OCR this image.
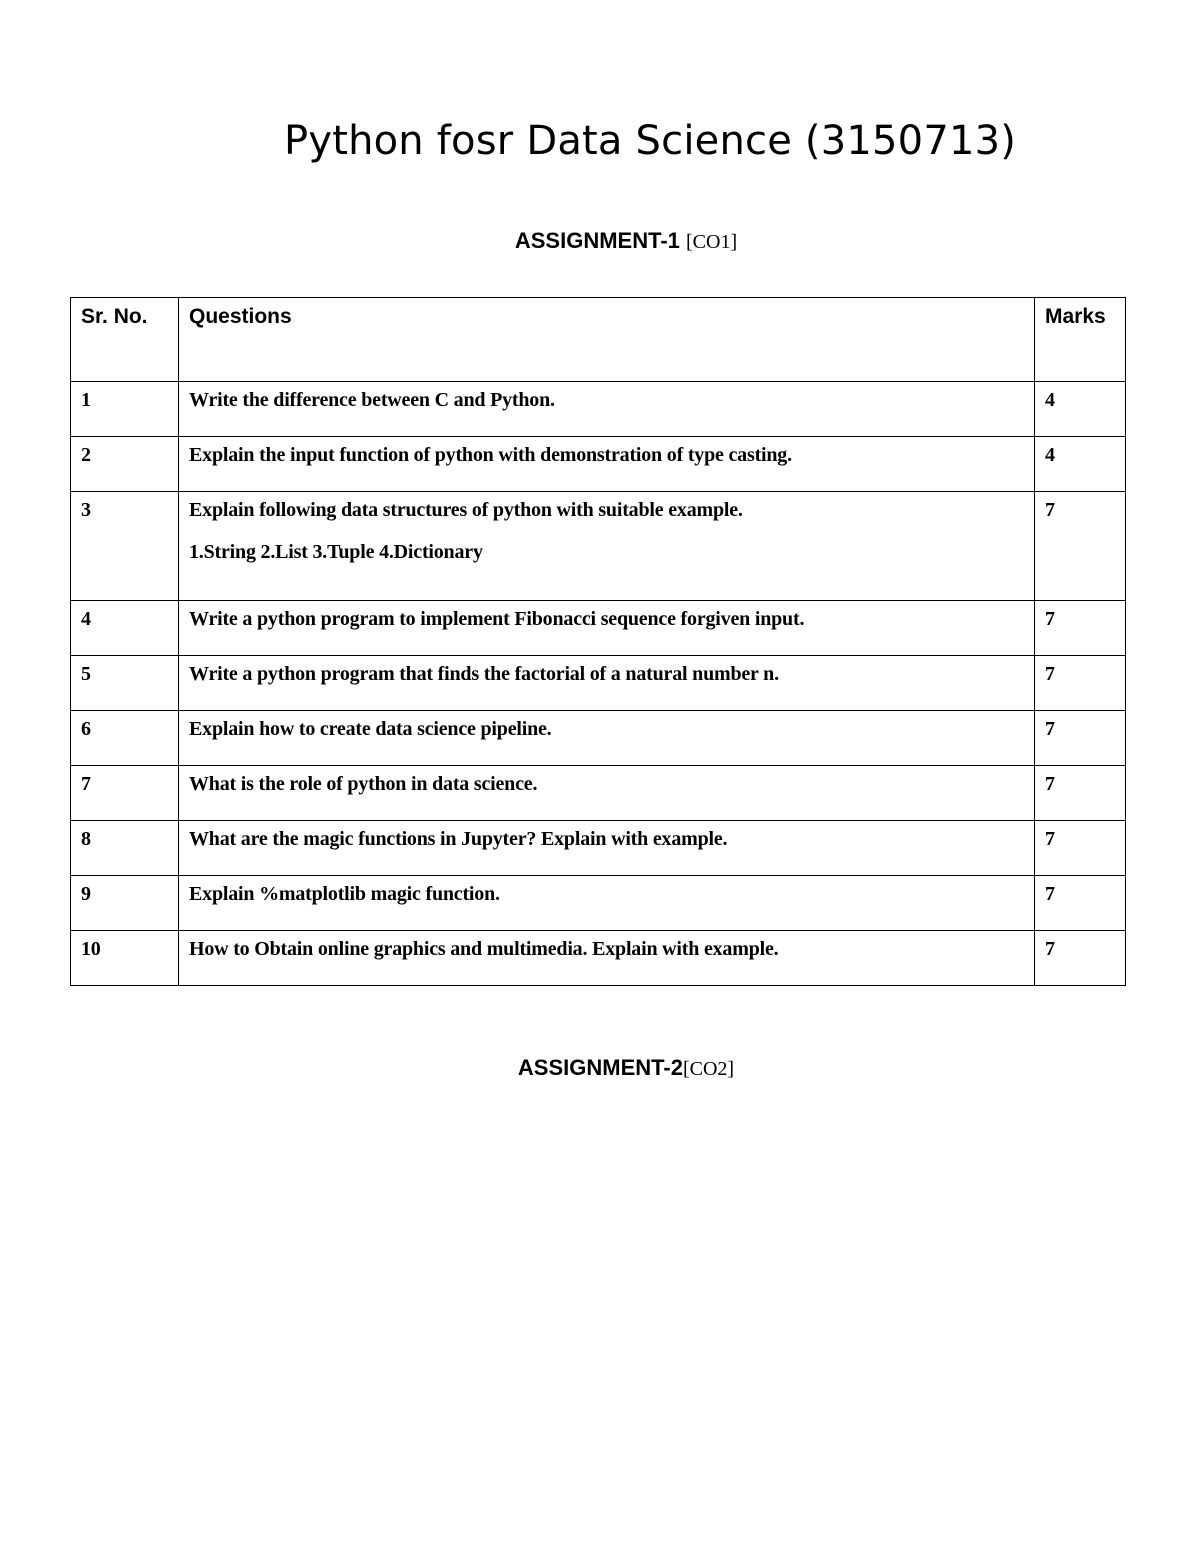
Python fosr Data Science (3150713)
ASSIGNMENT-1 [CO1]
Sr. No.	Questions	Marks
1	Write the difference between C and Python.	4
2	Explain the input function of python with demonstration of type casting.	4
3	Explain following data structures of python with suitable example.
1.String 2.List 3.Tuple 4.Dictionary	7
4	Write a python program to implement Fibonacci sequence forgiven input.	7
5	Write a python program that finds the factorial of a natural number n.	7
6	Explain how to create data science pipeline.	7
7	What is the role of python in data science.	7
8	What are the magic functions in Jupyter? Explain with example.	7
9	Explain %matplotlib magic function.	7
10	How to Obtain online graphics and multimedia. Explain with example.	7
ASSIGNMENT-2[CO2]
